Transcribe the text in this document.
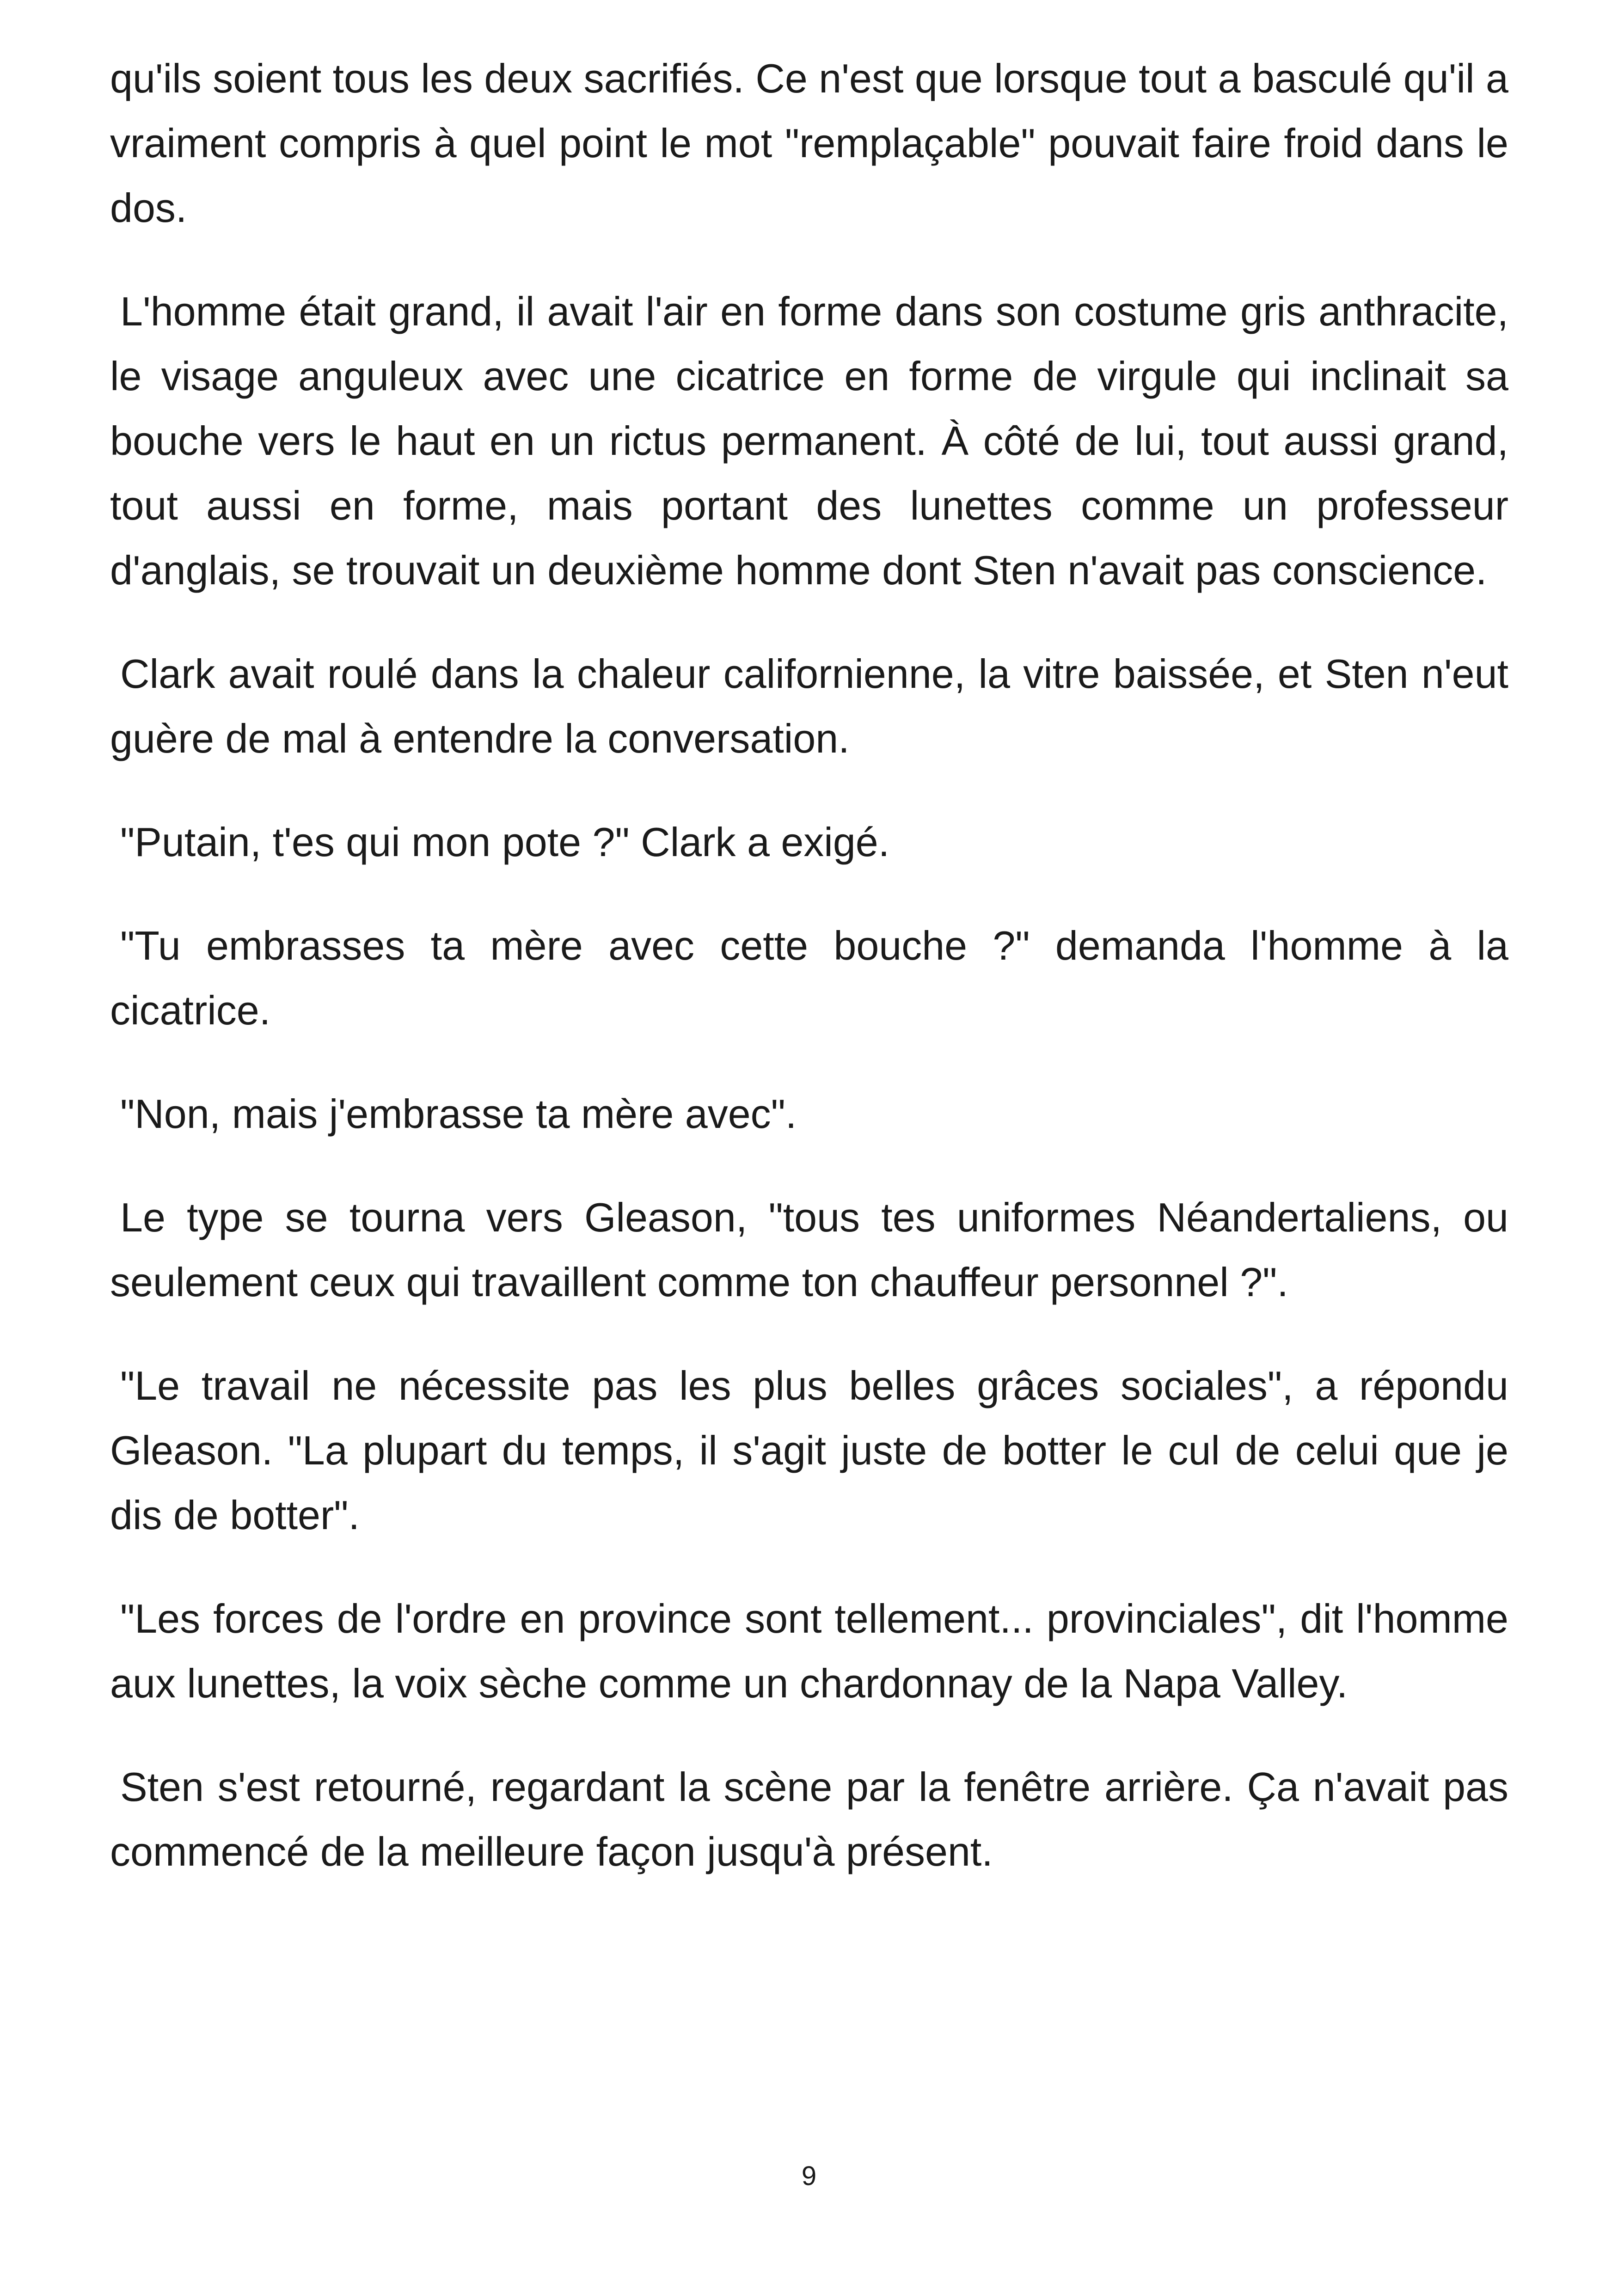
qu'ils soient tous les deux sacrifiés. Ce n'est que lorsque tout a basculé qu'il a vraiment compris à quel point le mot "remplaçable" pouvait faire froid dans le dos.

L'homme était grand, il avait l'air en forme dans son costume gris anthracite, le visage anguleux avec une cicatrice en forme de virgule qui inclinait sa bouche vers le haut en un rictus permanent. À côté de lui, tout aussi grand, tout aussi en forme, mais portant des lunettes comme un professeur d'anglais, se trouvait un deuxième homme dont Sten n'avait pas conscience.

Clark avait roulé dans la chaleur californienne, la vitre baissée, et Sten n'eut guère de mal à entendre la conversation.

"Putain, t'es qui mon pote ?" Clark a exigé.

"Tu embrasses ta mère avec cette bouche ?" demanda l'homme à la cicatrice.

"Non, mais j'embrasse ta mère avec".

Le type se tourna vers Gleason, "tous tes uniformes Néandertaliens, ou seulement ceux qui travaillent comme ton chauffeur personnel ?".

"Le travail ne nécessite pas les plus belles grâces sociales", a répondu Gleason. "La plupart du temps, il s'agit juste de botter le cul de celui que je dis de botter".

"Les forces de l'ordre en province sont tellement... provinciales", dit l'homme aux lunettes, la voix sèche comme un chardonnay de la Napa Valley.

Sten s'est retourné, regardant la scène par la fenêtre arrière. Ça n'avait pas commencé de la meilleure façon jusqu'à présent.

9
